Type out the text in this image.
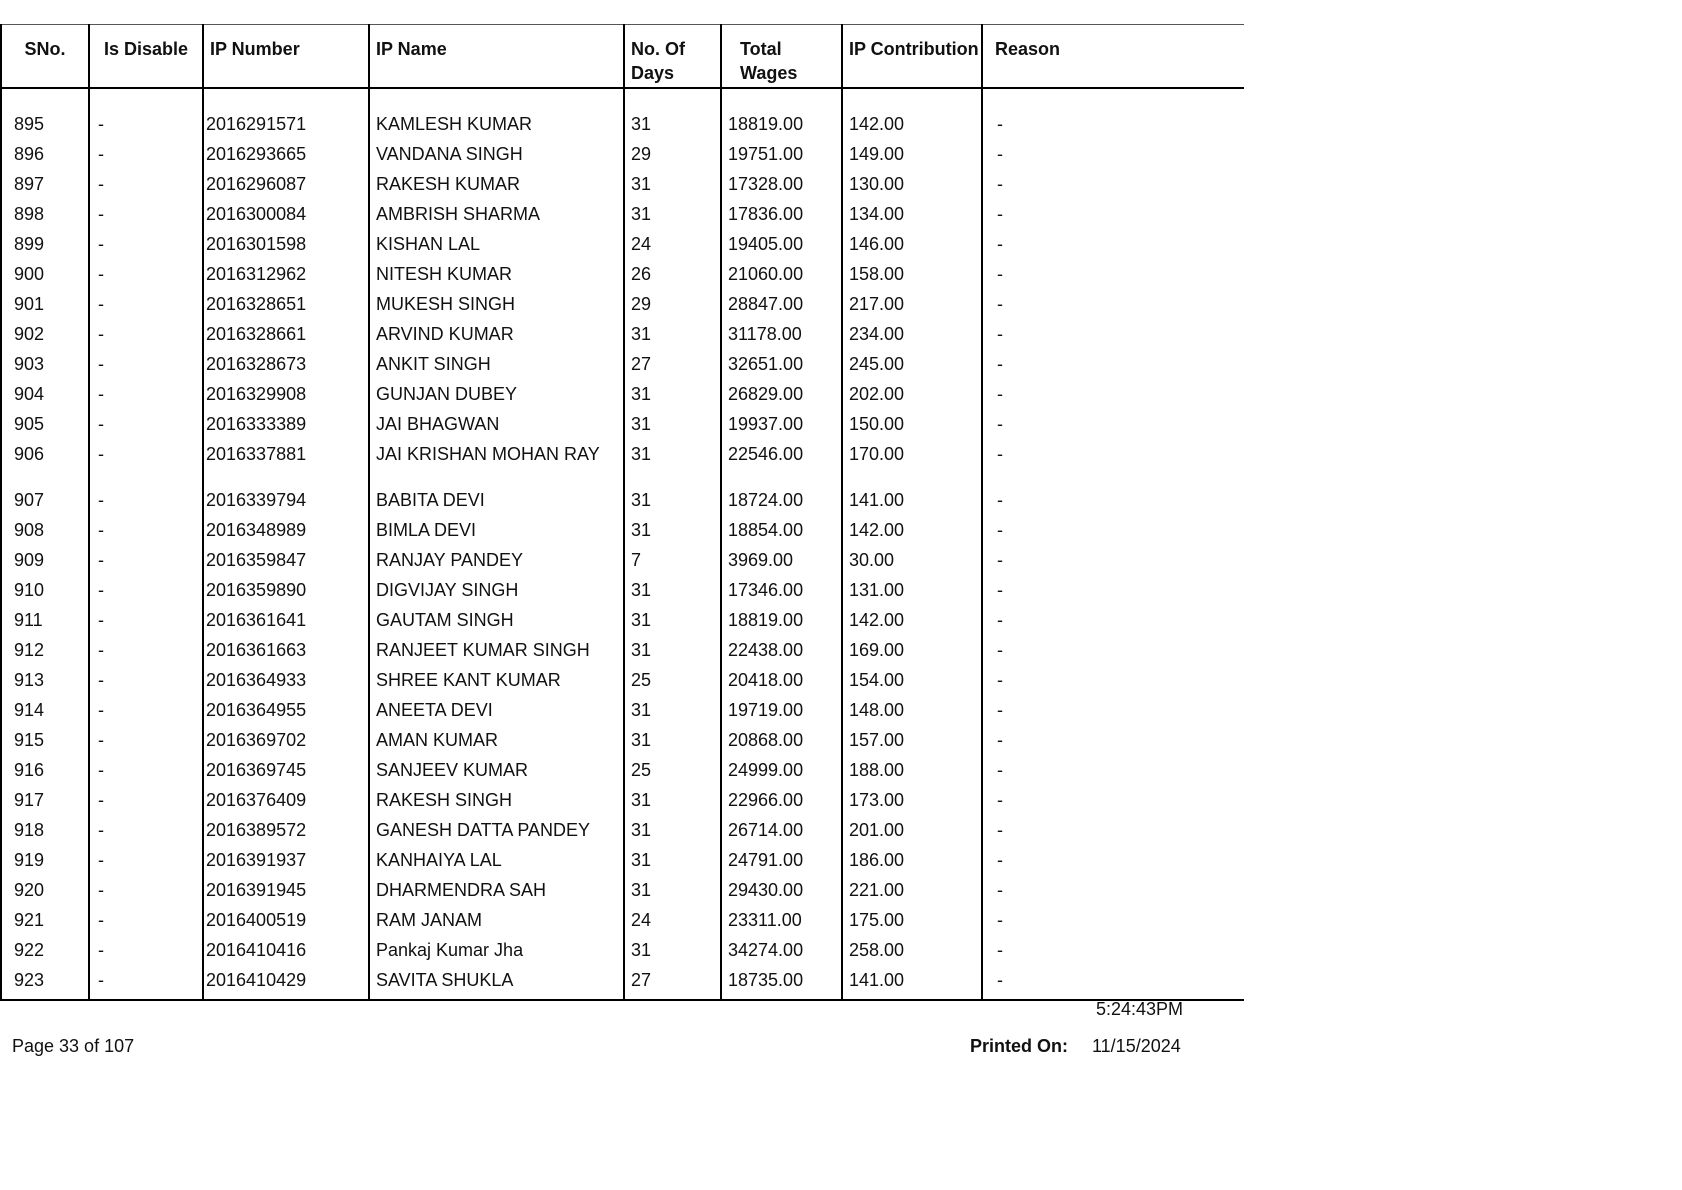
SNo.	Is Disable	IP Number	IP Name	No. Of Days	Total Wages	IP Contribution	Reason

895	-	2016291571	KAMLESH KUMAR	31	18819.00	142.00	-
896	-	2016293665	VANDANA SINGH	29	19751.00	149.00	-
897	-	2016296087	RAKESH KUMAR	31	17328.00	130.00	-
898	-	2016300084	AMBRISH SHARMA	31	17836.00	134.00	-
899	-	2016301598	KISHAN LAL	24	19405.00	146.00	-
900	-	2016312962	NITESH KUMAR	26	21060.00	158.00	-
901	-	2016328651	MUKESH SINGH	29	28847.00	217.00	-
902	-	2016328661	ARVIND KUMAR	31	31178.00	234.00	-
903	-	2016328673	ANKIT SINGH	27	32651.00	245.00	-
904	-	2016329908	GUNJAN DUBEY	31	26829.00	202.00	-
905	-	2016333389	JAI BHAGWAN	31	19937.00	150.00	-
906	-	2016337881	JAI KRISHAN MOHAN RAY	31	22546.00	170.00	-
907	-	2016339794	BABITA DEVI	31	18724.00	141.00	-
908	-	2016348989	BIMLA DEVI	31	18854.00	142.00	-
909	-	2016359847	RANJAY PANDEY	7	3969.00	30.00	-
910	-	2016359890	DIGVIJAY SINGH	31	17346.00	131.00	-
911	-	2016361641	GAUTAM SINGH	31	18819.00	142.00	-
912	-	2016361663	RANJEET KUMAR SINGH	31	22438.00	169.00	-
913	-	2016364933	SHREE KANT KUMAR	25	20418.00	154.00	-
914	-	2016364955	ANEETA DEVI	31	19719.00	148.00	-
915	-	2016369702	AMAN KUMAR	31	20868.00	157.00	-
916	-	2016369745	SANJEEV KUMAR	25	24999.00	188.00	-
917	-	2016376409	RAKESH SINGH	31	22966.00	173.00	-
918	-	2016389572	GANESH DATTA PANDEY	31	26714.00	201.00	-
919	-	2016391937	KANHAIYA LAL	31	24791.00	186.00	-
920	-	2016391945	DHARMENDRA SAH	31	29430.00	221.00	-
921	-	2016400519	RAM JANAM	24	23311.00	175.00	-
922	-	2016410416	Pankaj Kumar Jha	31	34274.00	258.00	-
923	-	2016410429	SAVITA SHUKLA	27	18735.00	141.00	-
5:24:43PM
Page 33 of 107	Printed On: 11/15/2024
